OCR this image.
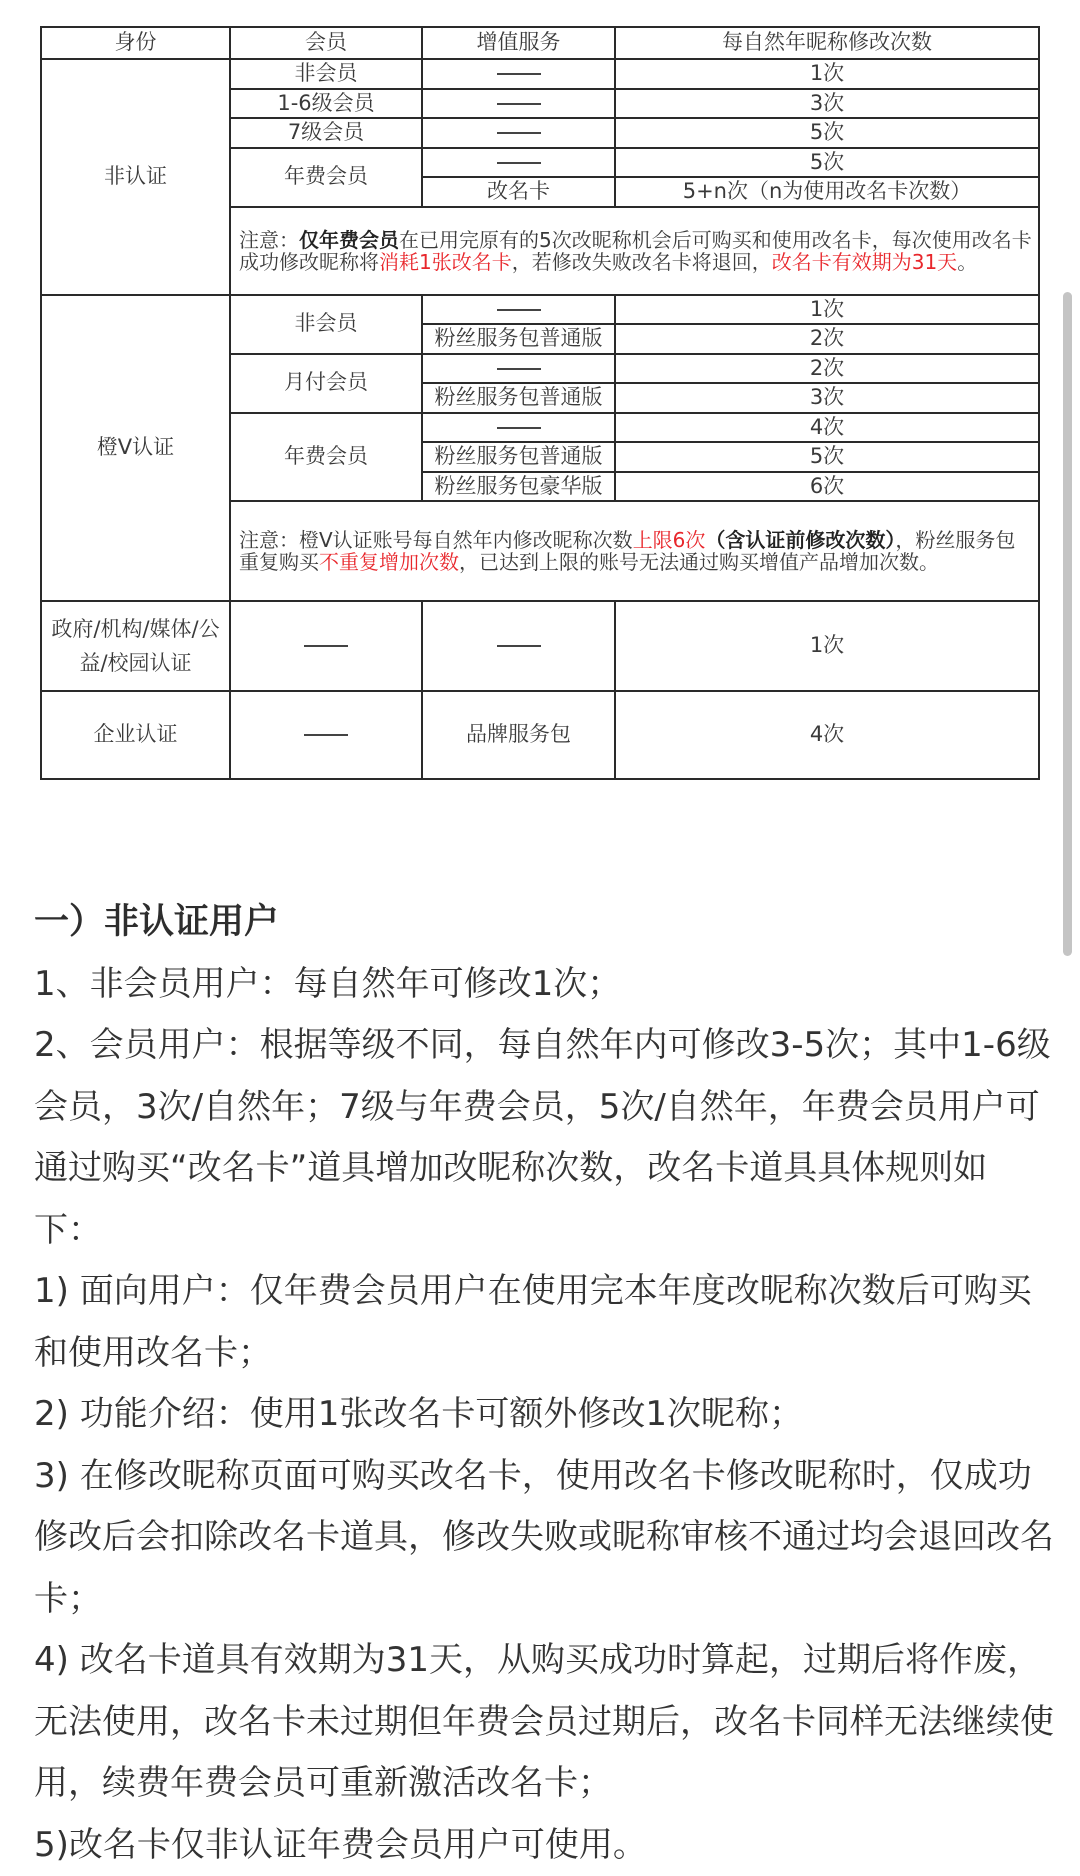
身份	会员	增值服务	每自然年昵称修改次数
非认证	非会员		1次
	1-6级会员		3次
	7级会员		5次
	年费会员		5次
		改名卡	5+n次（n为使用改名卡次数）
	注意：仅年费会员在已用完原有的5次改昵称机会后可购买和使用改名卡，每次使用改名卡成功修改昵称将消耗1张改名卡，若修改失败改名卡将退回，改名卡有效期为31天。		
橙V认证	非会员		1次
		粉丝服务包普通版	2次
	月付会员		2次
		粉丝服务包普通版	3次
	年费会员		4次
		粉丝服务包普通版	5次
		粉丝服务包豪华版	6次
	注意：橙V认证账号每自然年内修改昵称次数上限6次（含认证前修改次数），粉丝服务包重复购买不重复增加次数，已达到上限的账号无法通过购买增值产品增加次数。		
政府/机构/媒体/公益/校园认证			1次
企业认证		品牌服务包	4次
一）非认证用户

1、非会员用户：每自然年可修改1次；

2、会员用户：根据等级不同，每自然年内可修改3-5次；其中1-6级会员，3次/自然年；7级与年费会员，5次/自然年，年费会员用户可通过购买“改名卡”道具增加改昵称次数，改名卡道具具体规则如下：

1) 面向用户：仅年费会员用户在使用完本年度改昵称次数后可购买和使用改名卡；

2) 功能介绍：使用1张改名卡可额外修改1次昵称；

3) 在修改昵称页面可购买改名卡，使用改名卡修改昵称时，仅成功修改后会扣除改名卡道具，修改失败或昵称审核不通过均会退回改名卡；

4) 改名卡道具有效期为31天，从购买成功时算起，过期后将作废，无法使用，改名卡未过期但年费会员过期后，改名卡同样无法继续使用，续费年费会员可重新激活改名卡；

5)改名卡仅非认证年费会员用户可使用。
